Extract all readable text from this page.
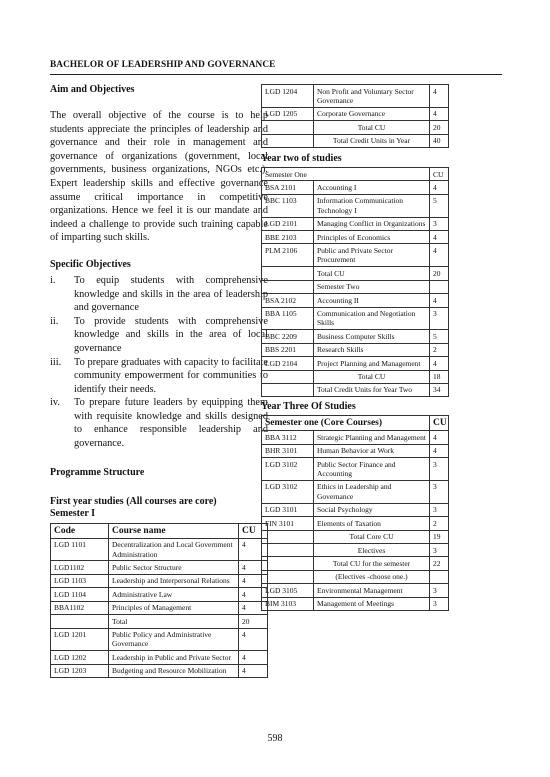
BACHELOR OF LEADERSHIP AND GOVERNANCE
Aim and Objectives

The overall objective of the course is to help students appreciate the principles of leadership and governance and their role in management and governance of organizations (government, local governments, business organizations, NGOs etc.). Expert leadership skills and effective governance assume critical importance in competitive organizations. Hence we feel it is our mandate and indeed a challenge to provide such training capable of imparting such skills.

Specific Objectives
i.	To equip students with comprehensive knowledge and skills in the area of leadership and governance
ii.	To provide students with comprehensive knowledge and skills in the area of local governance
iii.	To prepare graduates with capacity to facilitate community empowerment for communities to identify their needs.
iv.	To prepare future leaders by equipping them with requisite knowledge and skills designed to enhance responsible leadership and governance.
Programme Structure
First year studies (All courses are core)
Semester I
Code	Course name	CU
LGD 1101	Decentralization and Local Government Administration	4
LGD1102	Public Sector Structure	4
LGD 1103	Leadership and Interpersonal Relations	4
LGD 1104	Administrative Law	4
BBA1102	Principles of Management	4
	Total	20
LGD 1201	Public Policy and Administrative Governance	4
LGD 1202	Leadership in Public and Private Sector	4
LGD 1203	Budgeting and Resource Mobilization	4
LGD 1204	Non Profit and Voluntary Sector Governance	4
LGD 1205	Corporate Governance	4
	Total CU	20
	Total Credit Units in Year	40
Year two of studies
Semester One		CU
BSA 2101	Accounting I	4
BBC 1103	Information Communication Technology I	5
LGD 2101	Managing Conflict in Organizations	3
BBE 2103	Principles of Economics	4
PLM 2106	Public and Private Sector Procurement	4
	Total CU	20
	Semester Two	
BSA 2102	Accounting II	4
BBA 1105	Communication and Negotiation Skills	3
BBC 2209	Business Computer Skills	5
BBS 2201	Research Skills	2
LGD 2104	Project Planning and Management	4
	Total CU	18
	Total Credit Units for Year Two	34
Year Three Of Studies
Semester one (Core Courses)		CU
BBA 3112	Strategic Planning and Management	4
BHR 3101	Human Behavior at Work	4
LGD 3102	Public Sector Finance and Accounting	3
LGD 3102	Ethics in Leadership and Governance	3
LGD 3101	Social Psychology	3
FIN 3101	Elements of Taxation	2
	Total Core CU	19
	Electives	3
	Total CU for the semester	22
	(Electives -choose one.)	
LGD 3105	Environmental Management	3
BIM 3103	Management of Meetings	3
598
